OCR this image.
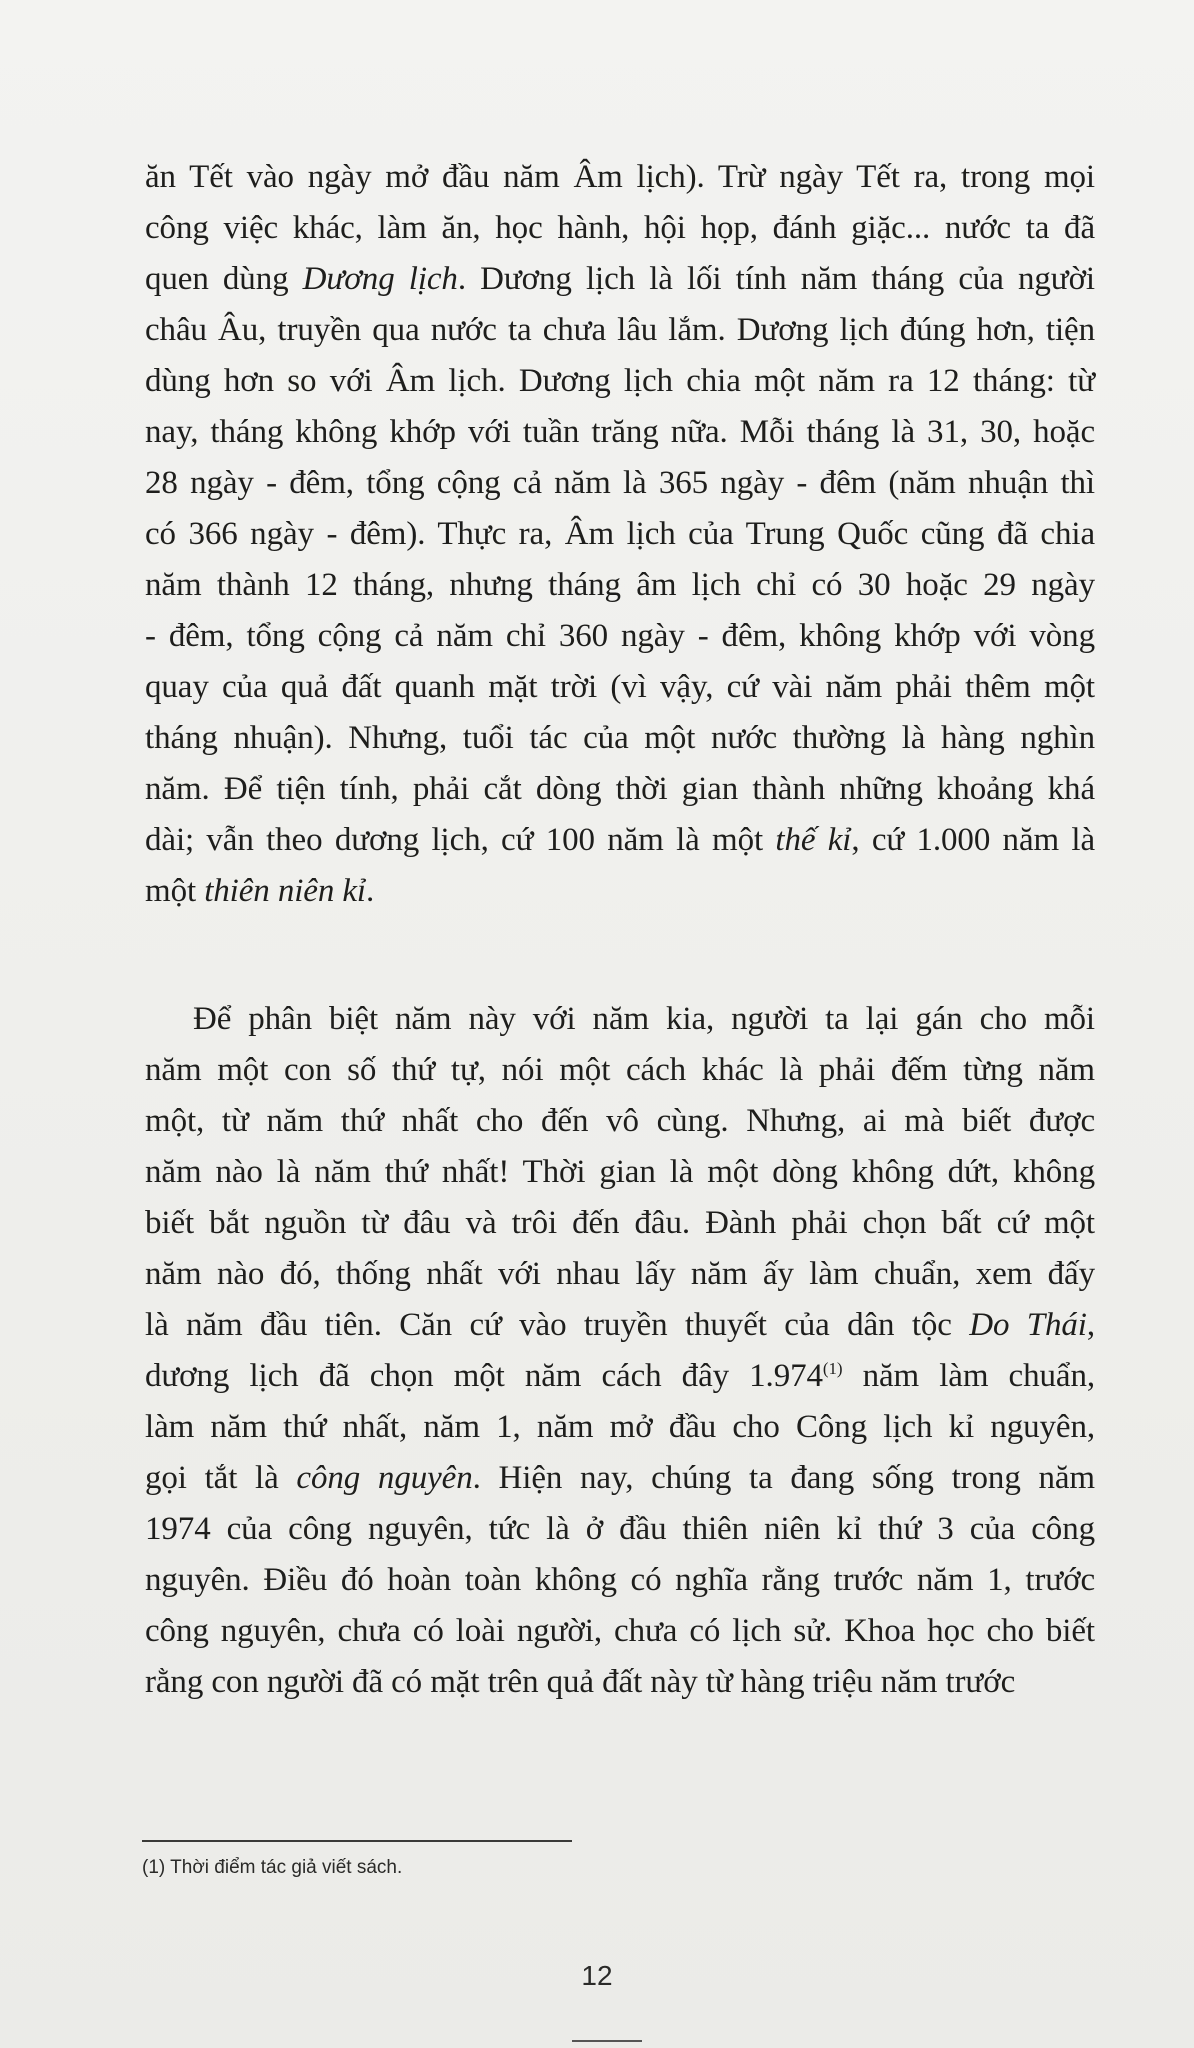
ăn Tết vào ngày mở đầu năm Âm lịch). Trừ ngày Tết ra, trong mọi
công việc khác, làm ăn, học hành, hội họp, đánh giặc... nước ta đã
quen dùng Dương lịch. Dương lịch là lối tính năm tháng của người
châu Âu, truyền qua nước ta chưa lâu lắm. Dương lịch đúng hơn, tiện
dùng hơn so với Âm lịch. Dương lịch chia một năm ra 12 tháng: từ
nay, tháng không khớp với tuần trăng nữa. Mỗi tháng là 31, 30, hoặc
28 ngày - đêm, tổng cộng cả năm là 365 ngày - đêm (năm nhuận thì
có 366 ngày - đêm). Thực ra, Âm lịch của Trung Quốc cũng đã chia
năm thành 12 tháng, nhưng tháng âm lịch chỉ có 30 hoặc 29 ngày
- đêm, tổng cộng cả năm chỉ 360 ngày - đêm, không khớp với vòng
quay của quả đất quanh mặt trời (vì vậy, cứ vài năm phải thêm một
tháng nhuận). Nhưng, tuổi tác của một nước thường là hàng nghìn
năm. Để tiện tính, phải cắt dòng thời gian thành những khoảng khá
dài; vẫn theo dương lịch, cứ 100 năm là một thế kỉ, cứ 1.000 năm là
một thiên niên kỉ.
Để phân biệt năm này với năm kia, người ta lại gán cho mỗi
năm một con số thứ tự, nói một cách khác là phải đếm từng năm
một, từ năm thứ nhất cho đến vô cùng. Nhưng, ai mà biết được
năm nào là năm thứ nhất! Thời gian là một dòng không dứt, không
biết bắt nguồn từ đâu và trôi đến đâu. Đành phải chọn bất cứ một
năm nào đó, thống nhất với nhau lấy năm ấy làm chuẩn, xem đấy
là năm đầu tiên. Căn cứ vào truyền thuyết của dân tộc Do Thái,
dương lịch đã chọn một năm cách đây 1.974$^{(1)}$ năm làm chuẩn,
làm năm thứ nhất, năm 1, năm mở đầu cho Công lịch kỉ nguyên,
gọi tắt là công nguyên. Hiện nay, chúng ta đang sống trong năm
1974 của công nguyên, tức là ở đầu thiên niên kỉ thứ 3 của công
nguyên. Điều đó hoàn toàn không có nghĩa rằng trước năm 1, trước
công nguyên, chưa có loài người, chưa có lịch sử. Khoa học cho biết
rằng con người đã có mặt trên quả đất này từ hàng triệu năm trước
(1) Thời điểm tác giả viết sách.
12
